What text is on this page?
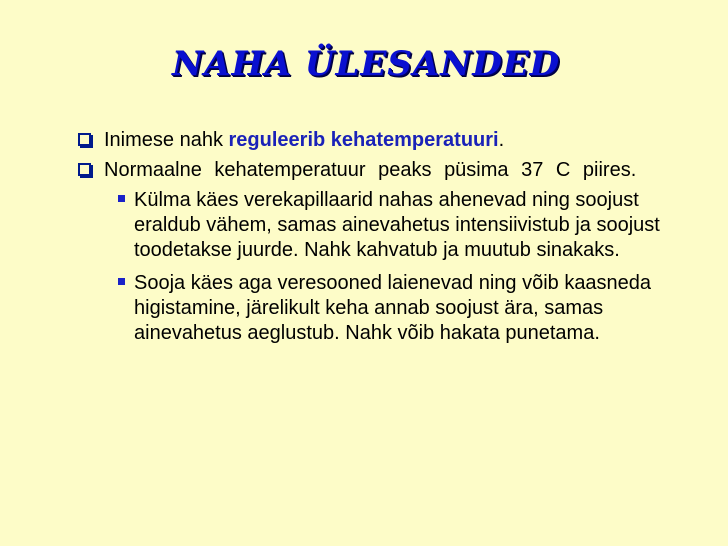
NAHA ÜLESANDED

Inimese nahk reguleerib kehatemperatuuri.

Normaalne kehatemperatuur peaks püsima 37 C piires.

Külma käes verekapillaarid nahas ahenevad ning soojust eraldub vähem, samas ainevahetus intensiivistub ja soojust toodetakse juurde. Nahk kahvatub ja muutub sinakaks.

Sooja käes aga veresooned laienevad ning võib kaasneda higistamine, järelikult keha annab soojust ära, samas ainevahetus aeglustub. Nahk võib hakata punetama.
